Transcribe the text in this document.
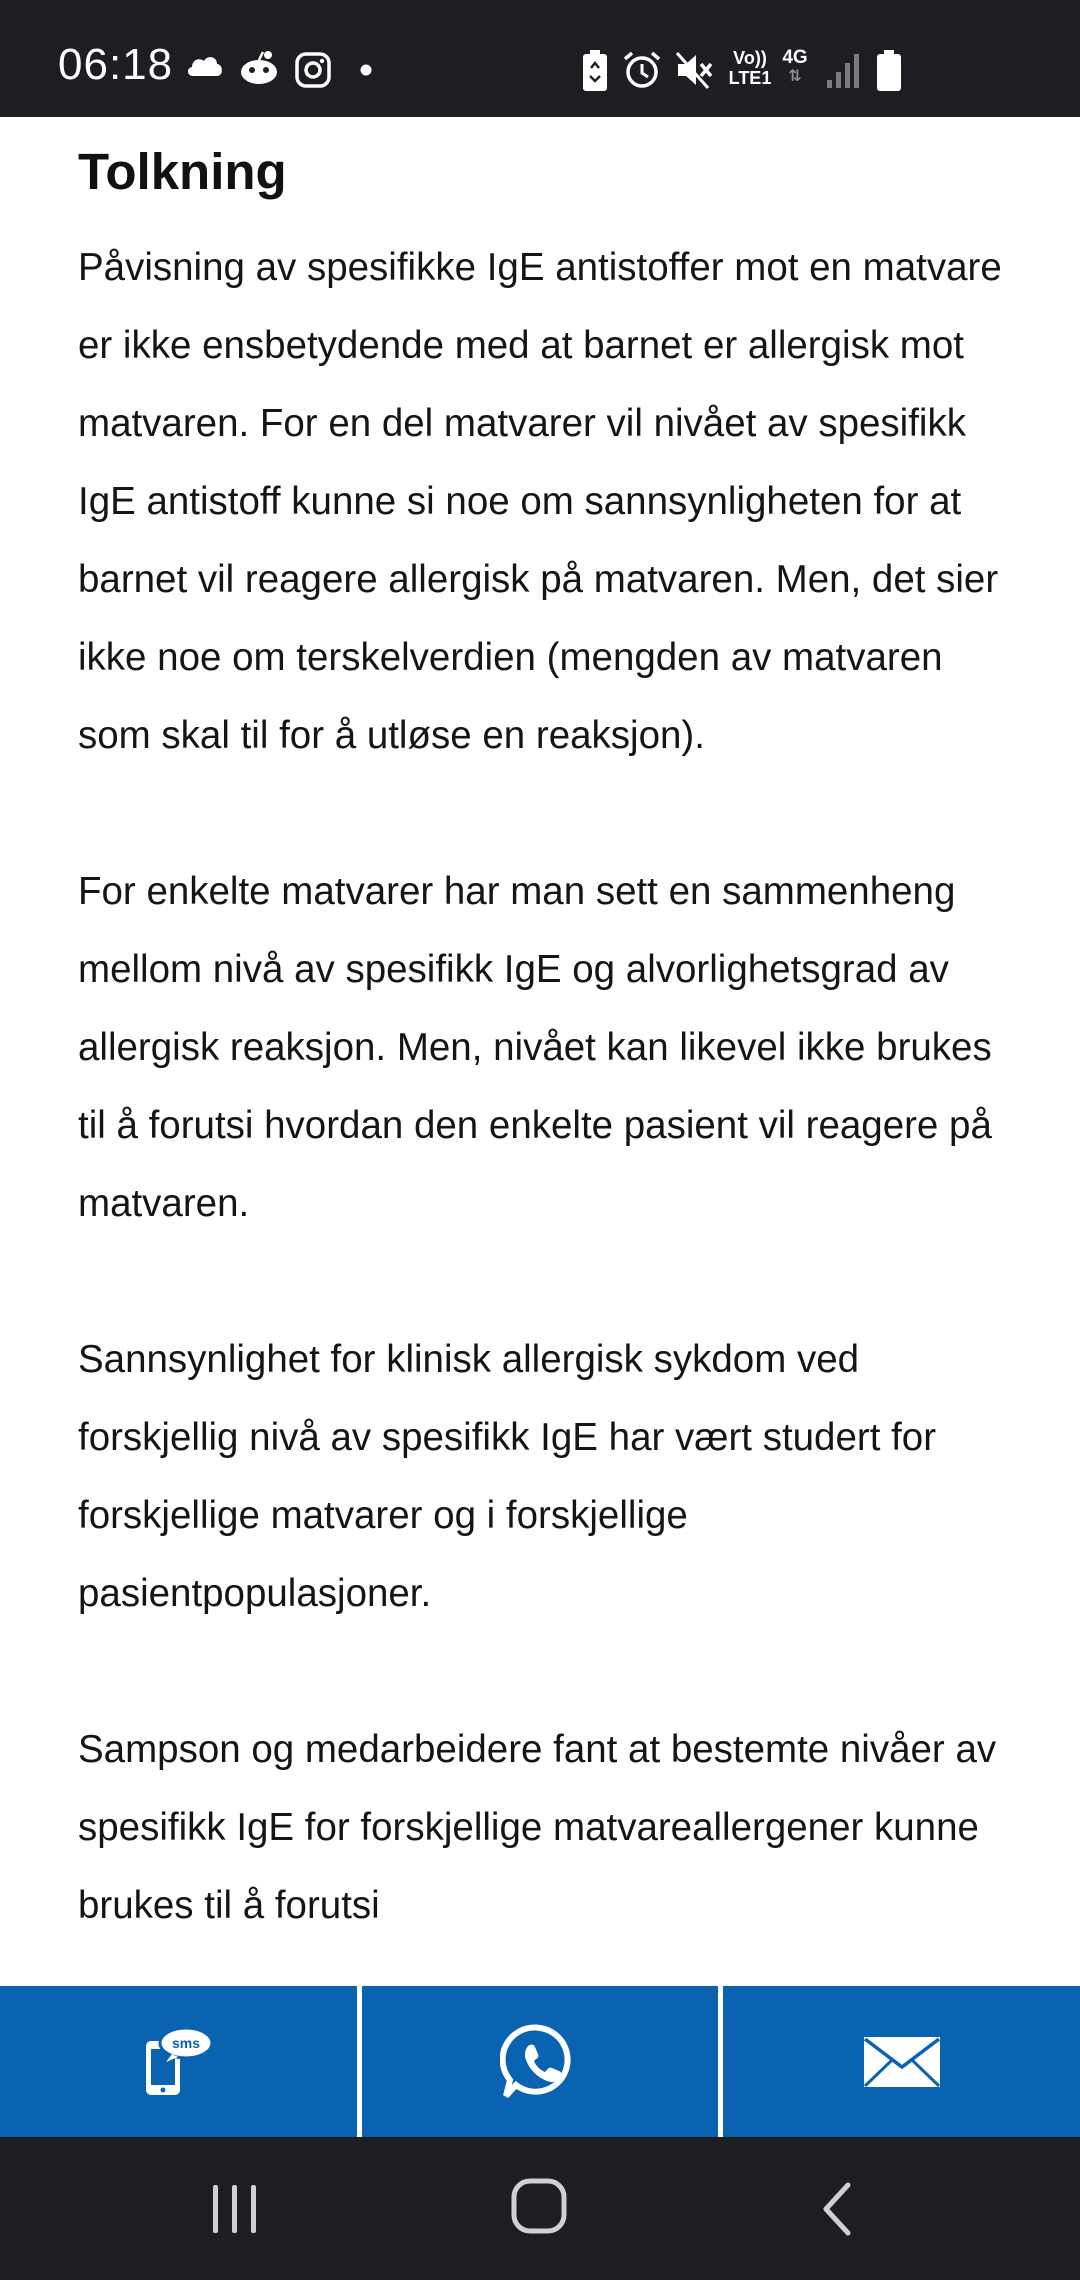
06:18	Vo))
LTE1
4G
⇅
Tolkning

Påvisning av spesifikke IgE antistoffer mot en matvare er ikke ensbetydende med at barnet er allergisk mot matvaren. For en del matvarer vil nivået av spesifikk IgE antistoff kunne si noe om sannsynligheten for at barnet vil reagere allergisk på matvaren. Men, det sier ikke noe om terskelverdien (mengden av matvaren som skal til for å utløse en reaksjon).

For enkelte matvarer har man sett en sammenheng mellom nivå av spesifikk IgE og alvorlighetsgrad av allergisk reaksjon. Men, nivået kan likevel ikke brukes til å forutsi hvordan den enkelte pasient vil reagere på matvaren.

Sannsynlighet for klinisk allergisk sykdom ved forskjellig nivå av spesifikk IgE har vært studert for forskjellige matvarer og i forskjellige pasientpopulasjoner.

Sampson og medarbeidere fant at bestemte nivåer av spesifikk IgE for forskjellige matvareallergener kunne brukes til å forutsi

sms
